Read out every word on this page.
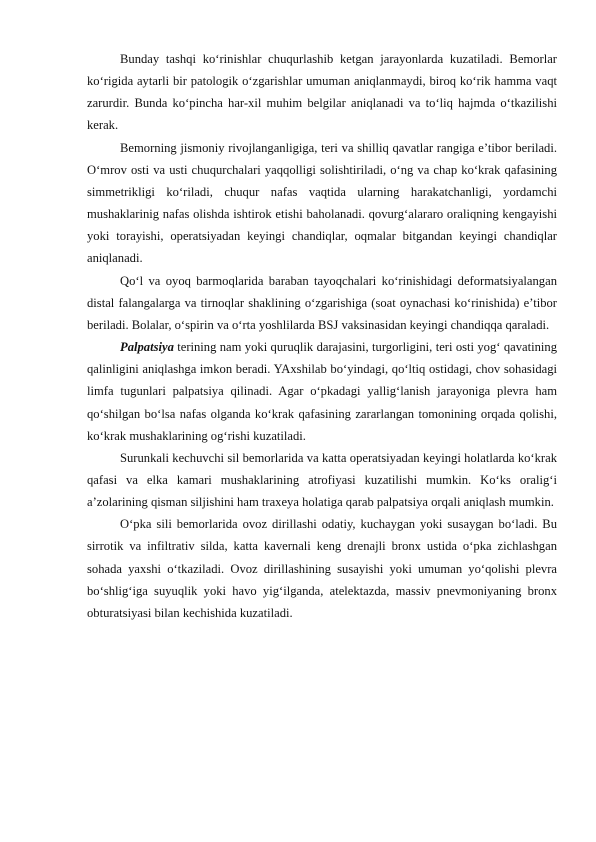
Bunday tashqi ko‘rinishlar chuqurlashib ketgan jarayonlarda kuzatiladi. Bemorlar ko‘rigida aytarli bir patologik o‘zgarishlar umuman aniqlanmaydi, biroq ko‘rik hamma vaqt zarurdir. Bunda ko‘pincha har-xil muhim belgilar aniqlanadi va to‘liq hajmda o‘tkazilishi kerak.

Bemorning jismoniy rivojlanganligiga, teri va shilliq qavatlar rangiga e’tibor beriladi. O‘mrov osti va usti chuqurchalari yaqqolligi solishtiriladi, o‘ng va chap ko‘krak qafasining simmetrikligi ko‘riladi, chuqur nafas vaqtida ularning harakatchanligi, yordamchi mushaklarinig nafas olishda ishtirok etishi baholanadi. qovurg‘alararo oraliqning kengayishi yoki torayishi, operatsiyadan keyingi chandiqlar, oqmalar bitgandan keyingi chandiqlar aniqlanadi.

Qo‘l va oyoq barmoqlarida baraban tayoqchalari ko‘rinishidagi deformatsiyalangan distal falangalarga va tirnoqlar shaklining o‘zgarishiga (soat oynachasi ko‘rinishida) e’tibor beriladi. Bolalar, o‘spirin va o‘rta yoshlilarda BSJ vaksinasidan keyingi chandiqqa qaraladi.

Palpatsiya terining nam yoki quruqlik darajasini, turgorligini, teri osti yog‘ qavatining qalinligini aniqlashga imkon beradi. YAxshilab bo‘yindagi, qo‘ltiq ostidagi, chov sohasidagi limfa tugunlari palpatsiya qilinadi. Agar o‘pkadagi yallig‘lanish jarayoniga plevra ham qo‘shilgan bo‘lsa nafas olganda ko‘krak qafasining zararlangan tomonining orqada qolishi, ko‘krak mushaklarining og‘rishi kuzatiladi.

Surunkali kechuvchi sil bemorlarida va katta operatsiyadan keyingi holatlarda ko‘krak qafasi va elka kamari mushaklarining atrofiyasi kuzatilishi mumkin. Ko‘ks oralig‘i a’zolarining qisman siljishini ham traxeya holatiga qarab palpatsiya orqali aniqlash mumkin.

O‘pka sili bemorlarida ovoz dirillashi odatiy, kuchaygan yoki susaygan bo‘ladi. Bu sirrotik va infiltrativ silda, katta kavernali keng drenajli bronx ustida o‘pka zichlashgan sohada yaxshi o‘tkaziladi. Ovoz dirillashining susayishi yoki umuman yo‘qolishi plevra bo‘shlig‘iga suyuqlik yoki havo yig‘ilganda, atelektazda, massiv pnevmoniyaning bronx obturatsiyasi bilan kechishida kuzatiladi.
